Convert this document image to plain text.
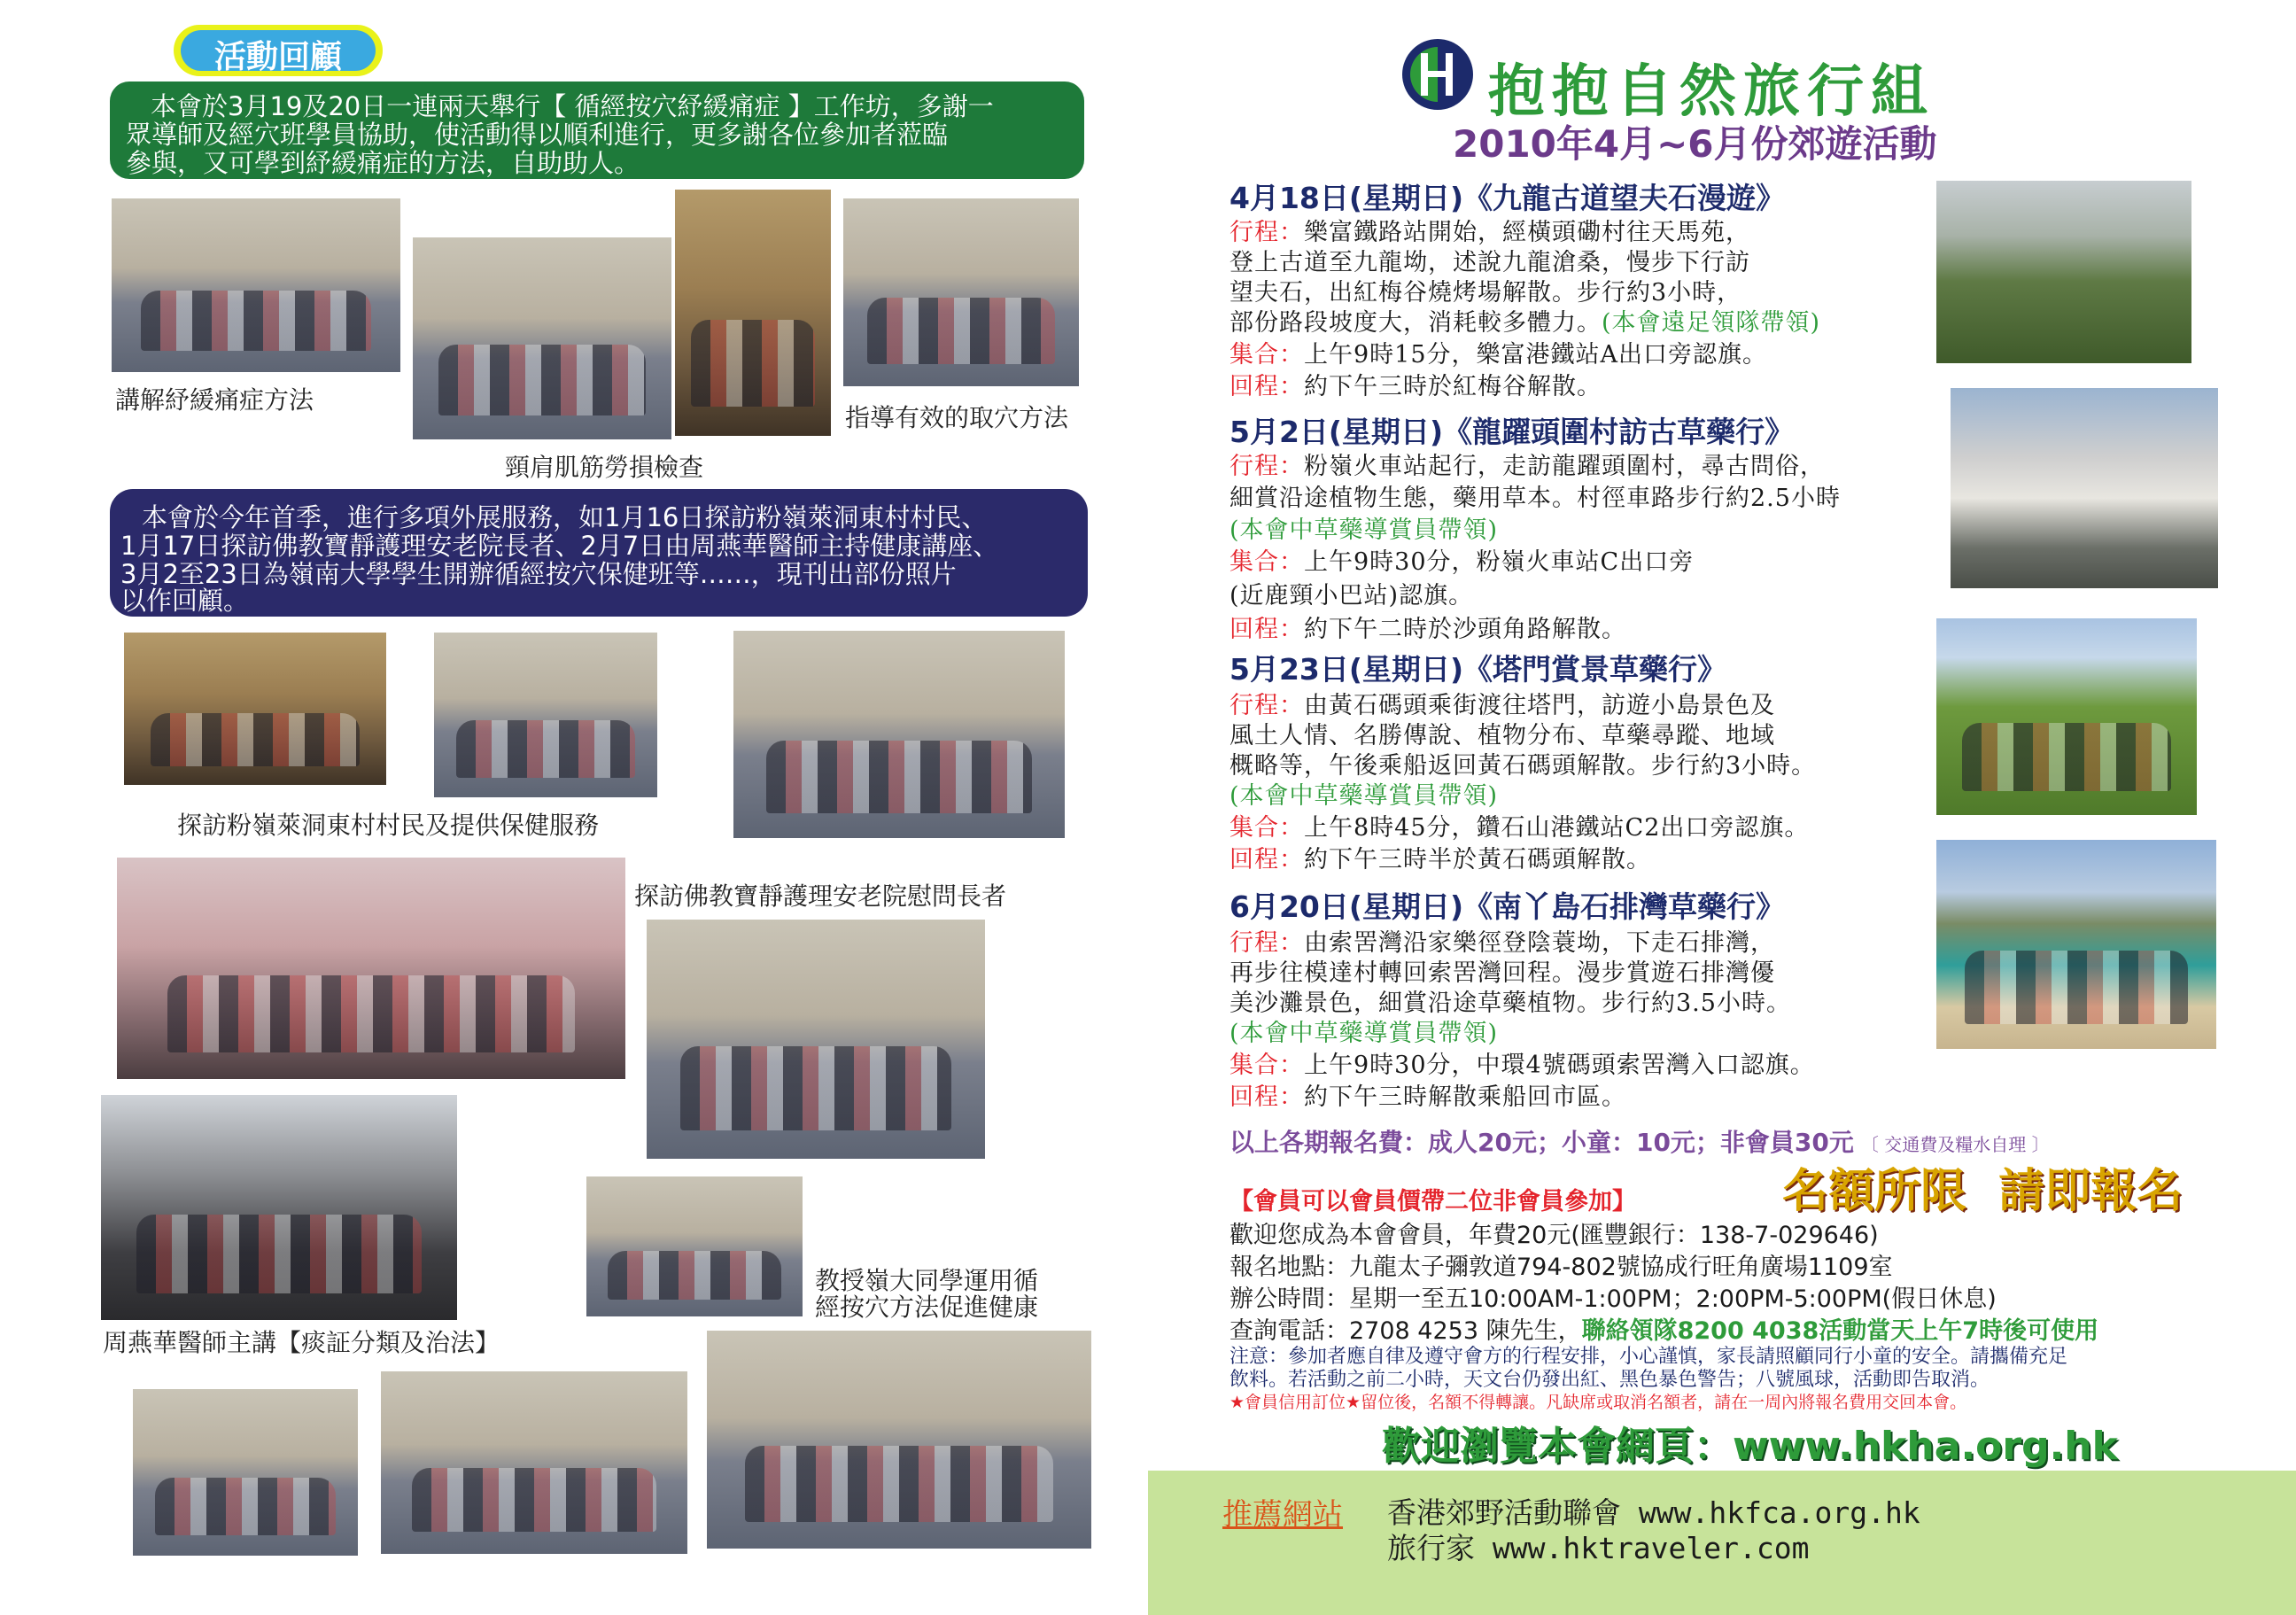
活動回顧
本會於3月19及20日一連兩天舉行【 循經按穴紓緩痛症 】工作坊，多謝一
眾導師及經穴班學員協助，使活動得以順利進行，更多謝各位參加者蒞臨
參與，又可學到紓緩痛症的方法，自助助人。
講解紓緩痛症方法
頸肩肌筋勞損檢查
指導有效的取穴方法
本會於今年首季，進行多項外展服務，如1月16日探訪粉嶺萊洞東村村民、
1月17日探訪佛教寶靜護理安老院長者、2月7日由周燕華醫師主持健康講座、
3月2至23日為嶺南大學學生開辦循經按穴保健班等……，現刊出部份照片
以作回顧。
探訪粉嶺萊洞東村村民及提供保健服務
探訪佛教寶靜護理安老院慰問長者
周燕華醫師主講【痰証分類及治法】
教授嶺大同學運用循
經按穴方法促進健康
抱抱自然旅行組
2010年4月~6月份郊遊活動
4月18日(星期日)《九龍古道望夫石漫遊》
行程：樂富鐵路站開始，經橫頭磡村往天馬苑，
登上古道至九龍坳，述說九龍滄桑，慢步下行訪
望夫石，出紅梅谷燒烤場解散。步行約3小時，
部份路段坡度大，消耗較多體力。(本會遠足領隊帶領)
集合：上午9時15分，樂富港鐵站A出口旁認旗。
回程：約下午三時於紅梅谷解散。
5月2日(星期日)《龍躍頭圍村訪古草藥行》
行程：粉嶺火車站起行，走訪龍躍頭圍村，尋古問俗，
細賞沿途植物生態，藥用草本。村徑車路步行約2.5小時
(本會中草藥導賞員帶領)
集合：上午9時30分，粉嶺火車站C出口旁
(近鹿頸小巴站)認旗。
回程：約下午二時於沙頭角路解散。
5月23日(星期日)《塔門賞景草藥行》
行程：由黃石碼頭乘街渡往塔門，訪遊小島景色及
風土人情、名勝傳說、植物分布、草藥尋蹤、地域
概略等，午後乘船返回黃石碼頭解散。步行約3小時。
(本會中草藥導賞員帶領)
集合：上午8時45分，鑽石山港鐵站C2出口旁認旗。
回程：約下午三時半於黃石碼頭解散。
6月20日(星期日)《南丫島石排灣草藥行》
行程：由索罟灣沿家樂徑登陰蓑坳，下走石排灣，
再步往模達村轉回索罟灣回程。漫步賞遊石排灣優
美沙灘景色，細賞沿途草藥植物。步行約3.5小時。
(本會中草藥導賞員帶領)
集合：上午9時30分，中環4號碼頭索罟灣入口認旗。
回程：約下午三時解散乘船回市區。
以上各期報名費：成人20元；小童：10元；非會員30元 〔 交通費及糧水自理 〕
【會員可以會員價帶二位非會員參加】	名額所限  請即報名
歡迎您成為本會會員，年費20元(匯豐銀行：138-7-029646)
報名地點：九龍太子彌敦道794-802號協成行旺角廣場1109室
辦公時間：星期一至五10:00AM-1:00PM；2:00PM-5:00PM(假日休息)
查詢電話：2708 4253 陳先生，聯絡領隊8200 4038活動當天上午7時後可使用
注意：參加者應自律及遵守會方的行程安排，小心謹慎，家長請照顧同行小童的安全。請攜備充足
飲料。若活動之前二小時，天文台仍發出紅、黑色暴色警告；八號風球，活動即告取消。
★會員信用訂位★留位後，名額不得轉讓。凡缺席或取消名額者，請在一周內將報名費用交回本會。
歡迎瀏覽本會網頁：www.hkha.org.hk
推薦網站 香港郊野活動聯會 www.hkfca.org.hk
旅行家 www.hktraveler.com
